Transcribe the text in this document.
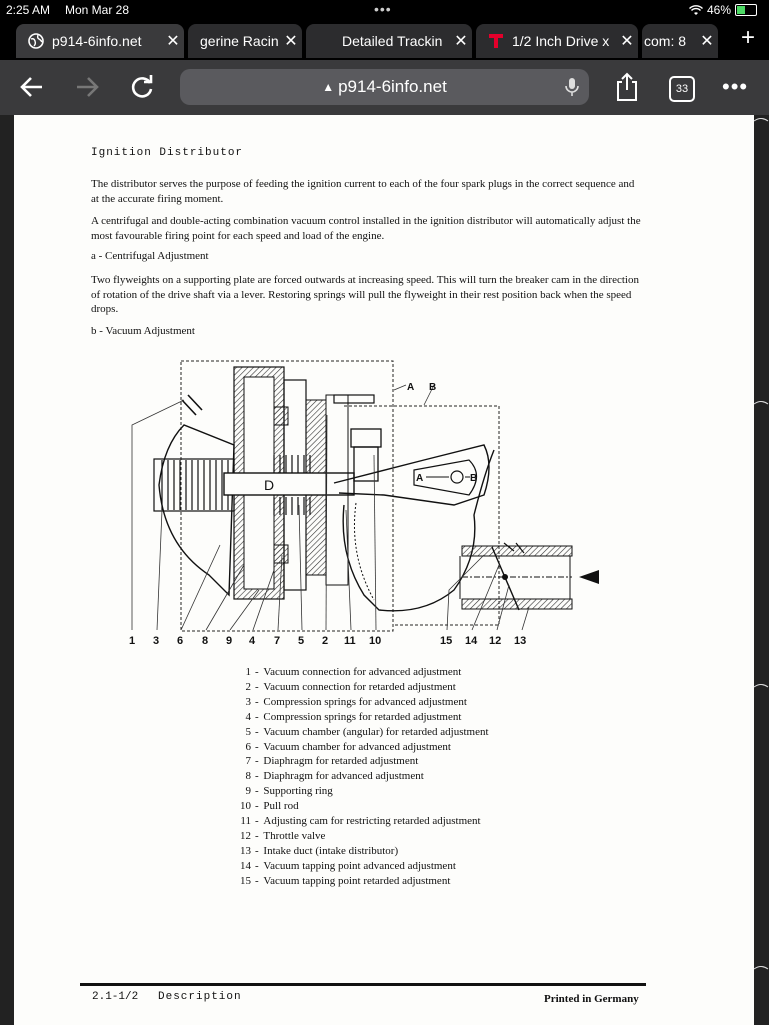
2:25 AM Mon Mar 28	•••	46%
p914-6info.net	✕	gerine Racin ✕	Detailed Trackin ✕	1/2 Inch Drive x ✕ com: 8 ✕ +
▲ p914-6info.net	33	•••
Ignition Distributor
The distributor serves the purpose of feeding the ignition current to each of the four spark plugs in the correct sequence and at the accurate firing moment.
A centrifugal and double-acting combination vacuum control installed in the ignition distributor will automatically adjust the most favourable firing point for each speed and load of the engine.
a - Centrifugal Adjustment
Two flyweights on a supporting plate are forced outwards at increasing speed. This will turn the breaker cam in the direction of rotation of the drive shaft via a lever. Restoring springs will pull the flyweight in their rest position back when the speed drops.
b - Vacuum Adjustment
D	A	B
1 3 6 8 9 4 7 5 2 11 10	15 14 12 13
A B
1 - Vacuum connection for advanced adjustment
2 - Vacuum connection for retarded adjustment
3 - Compression springs for advanced adjustment
4 - Compression springs for retarded adjustment
5 - Vacuum chamber (angular) for retarded adjustment
6 - Vacuum chamber for advanced adjustment
7 - Diaphragm for retarded adjustment
8 - Diaphragm for advanced adjustment
9 - Supporting ring
10 - Pull rod
11 - Adjusting cam for restricting retarded adjustment
12 - Throttle valve
13 - Intake duct (intake distributor)
14 - Vacuum tapping point advanced adjustment
15 - Vacuum tapping point retarded adjustment
2.1-1/2 Description	Printed in Germany
